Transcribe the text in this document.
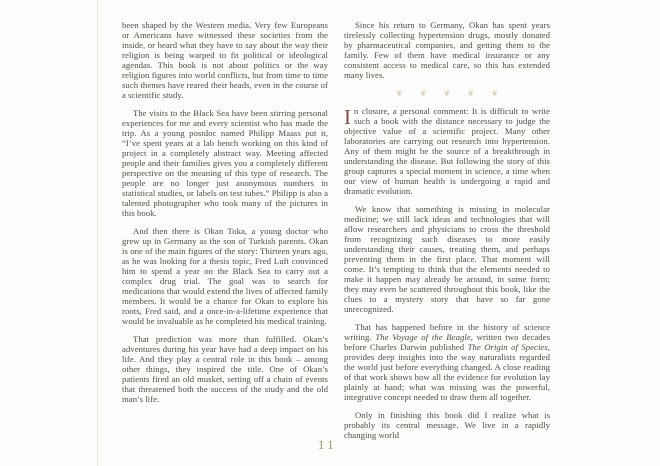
been shaped by the Western media. Very few Europeans or Americans have witnessed these societies from the inside, or heard what they have to say about the way their religion is being warped to fit political or ideological agendas. This book is not about politics or the way religion figures into world conflicts, but from time to time such themes have reared their heads, even in the course of a scientific study.

The visits to the Black Sea have been stirring personal experiences for me and every scientist who has made the trip. As a young postdoc named Philipp Maass put it, “I’ve spent years at a lab bench working on this kind of project in a completely abstract way. Meeting affected people and their families gives you a completely different perspective on the meaning of this type of research. The people are no longer just anonymous numbers in statistical studies, or labels on test tubes.” Philipp is also a talented photographer who took many of the pictures in this book.

And then there is Okan Toka, a young doctor who grew up in Germany as the son of Turkish parents. Okan is one of the main figures of the story: Thirteen years ago, as he was looking for a thesis topic, Fred Luft convinced him to spend a year on the Black Sea to carry out a complex drug trial. The goal was to search for medications that would extend the lives of affected family members. It would be a chance for Okan to explore his roots, Fred said, and a once-in-a-lifetime experience that would be invaluable as he completed his medical training.

That prediction was more than fulfilled. Okan’s adventures during his year have had a deep impact on his life. And they play a central role in this book – among other things, they inspired the title. One of Okan’s patients fired an old musket, setting off a chain of events that threatened both the success of the study and the old man’s life.

Since his return to Germany, Okan has spent years tirelessly collecting hypertension drugs, mostly donated by pharmaceutical companies, and getting them to the family. Few of them have medical insurance or any consistent access to medical care, so this has extended many lives.

❦ ❦ ❦ ❦ ❦

In closure, a personal comment: It is difficult to write such a book with the distance necessary to judge the objective value of a scientific project. Many other laboratories are carrying out research into hypertension. Any of them might be the source of a breakthrough in understanding the disease. But following the story of this group captures a special moment in science, a time when our view of human health is undergoing a rapid and dramatic evolution.

We know that something is missing in molecular medicine; we still lack ideas and technologies that will allow researchers and physicians to cross the threshold from recognizing such diseases to more easily understanding their causes, treating them, and perhaps preventing them in the first place. That moment will come. It’s tempting to think that the elements needed to make it happen may already be around, in some form; they may even be scattered throughout this book, like the clues to a mystery story that have so far gone unrecognized.

That has happened before in the history of science writing. The Voyage of the Beagle, written two decades before Charles Darwin published The Origin of Species, provides deep insights into the way naturalists regarded the world just before everything changed. A close reading of that work shows how all the evidence for evolution lay plainly at hand; what was missing was the powerful, integrative concept needed to draw them all together.

Only in finishing this book did I realize what is probably its central message. We live in a rapidly changing world

11
